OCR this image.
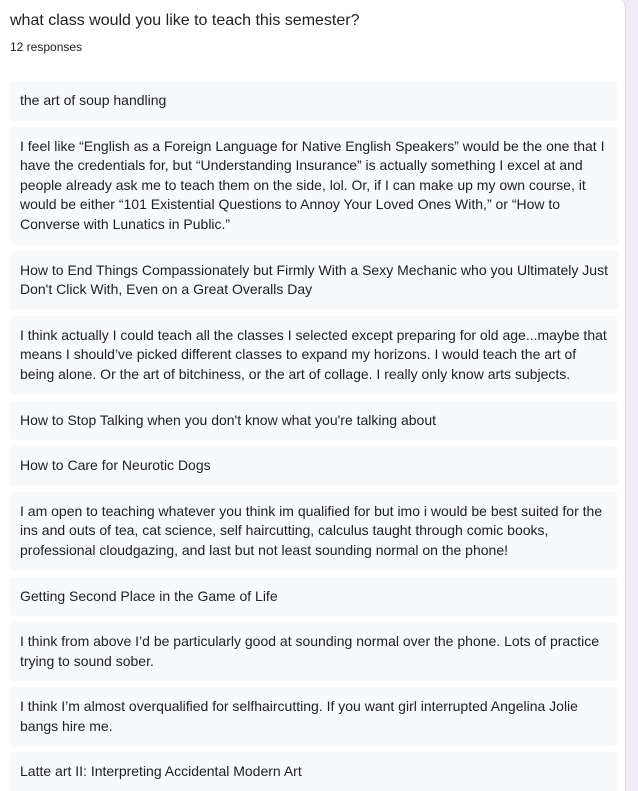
what class would you like to teach this semester?
12 responses
the art of soup handling
I feel like “English as a Foreign Language for Native English Speakers” would be the one that I have the credentials for, but “Understanding Insurance” is actually something I excel at and people already ask me to teach them on the side, lol. Or, if I can make up my own course, it would be either “101 Existential Questions to Annoy Your Loved Ones With,” or “How to Converse with Lunatics in Public.”
How to End Things Compassionately but Firmly With a Sexy Mechanic who you Ultimately Just Don't Click With, Even on a Great Overalls Day
I think actually I could teach all the classes I selected except preparing for old age...maybe that means I should’ve picked different classes to expand my horizons. I would teach the art of being alone. Or the art of bitchiness, or the art of collage. I really only know arts subjects.
How to Stop Talking when you don't know what you're talking about
How to Care for Neurotic Dogs
I am open to teaching whatever you think im qualified for but imo i would be best suited for the ins and outs of tea, cat science, self haircutting, calculus taught through comic books, professional cloudgazing, and last but not least sounding normal on the phone!
Getting Second Place in the Game of Life
I think from above I’d be particularly good at sounding normal over the phone. Lots of practice trying to sound sober.
I think I’m almost overqualified for selfhaircutting. If you want girl interrupted Angelina Jolie bangs hire me.
Latte art II: Interpreting Accidental Modern Art
